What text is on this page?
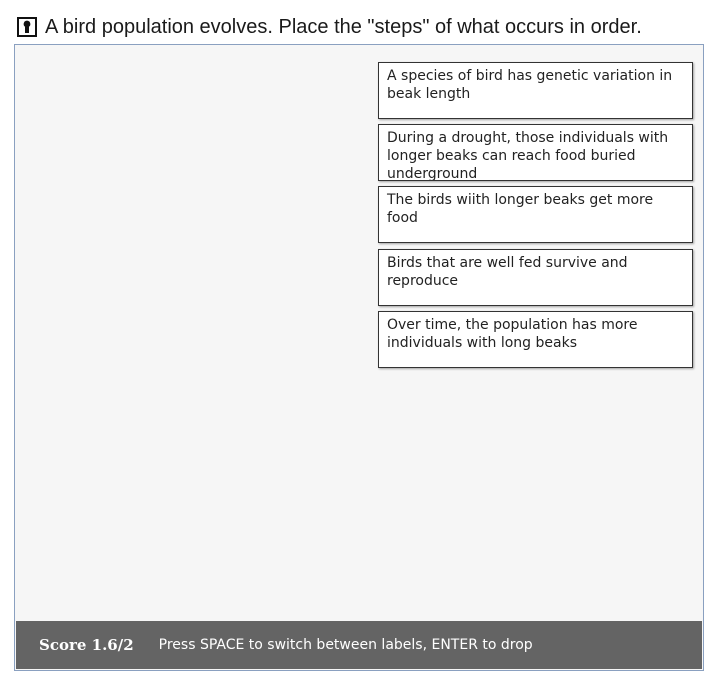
A bird population evolves. Place the "steps" of what occurs in order.
A species of bird has genetic variation in beak length
During a drought, those individuals with longer beaks can reach food buried underground
The birds wiith longer beaks get more food
Birds that are well fed survive and reproduce
Over time, the population has more individuals with long beaks
Score 1.6/2 Press SPACE to switch between labels, ENTER to drop
